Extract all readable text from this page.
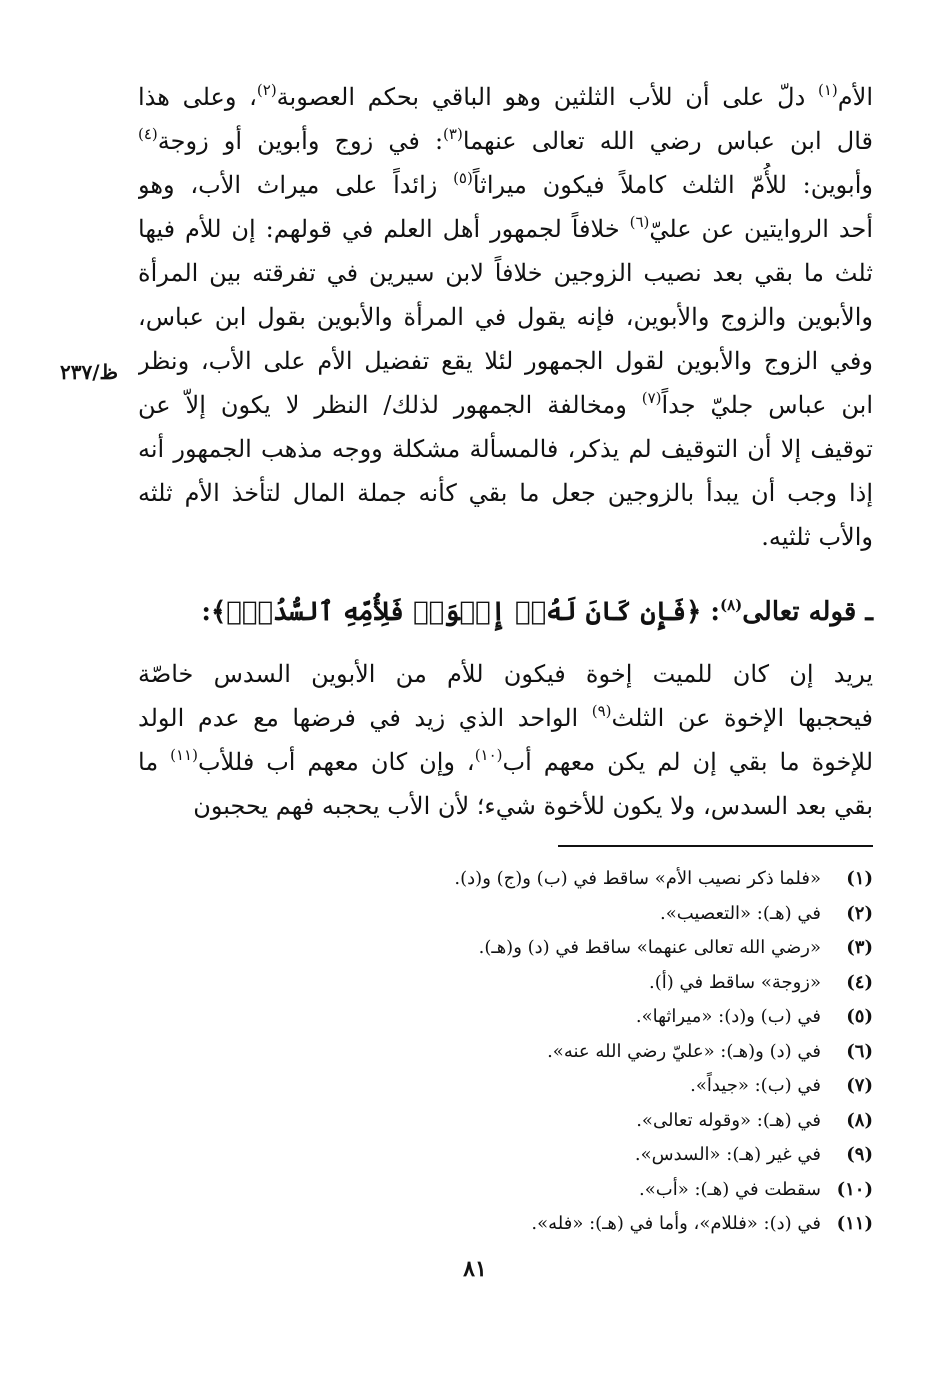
ظ/٢٣٧
الأم$^{(١)}$ دلّ على أن للأب الثلثين وهو الباقي بحكم العصوبة$^{(٢)}$، وعلى هذا
قال ابن عباس رضي الله تعالى عنهما$^{(٣)}$: في زوج وأبوين أو زوجة$^{(٤)}$
وأبوين: للأُمّ الثلث كاملاً فيكون ميراثاً$^{(٥)}$ زائداً على ميراث الأب، وهو
أحد الروايتين عن عليّ$^{(٦)}$ خلافاً لجمهور أهل العلم في قولهم: إن للأم فيها
ثلث ما بقي بعد نصيب الزوجين خلافاً لابن سيرين في تفرقته بين المرأة
والأبوين والزوج والأبوين، فإنه يقول في المرأة والأبوين بقول ابن عباس،
وفي الزوج والأبوين لقول الجمهور لئلا يقع تفضيل الأم على الأب، ونظر
ابن عباس جليّ جداً$^{(٧)}$ ومخالفة الجمهور لذلك/ النظر لا يكون إلاّ عن
توقيف إلا أن التوقيف لم يذكر، فالمسألة مشكلة ووجه مذهب الجمهور أنه
إذا وجب أن يبدأ بالزوجين جعل ما بقي كأنه جملة المال لتأخذ الأم ثلثه
والأب ثلثيه.
ـ قوله تعالى$^{(٨)}$: ﴿فَإِن كَانَ لَهُۥٓ إِخۡوَةٞ فَلِأُمِّهِ ٱلسُّدُسُۚ﴾:
يريد إن كان للميت إخوة فيكون للأم من الأبوين السدس خاصّة
فيحجبها الإخوة عن الثلث$^{(٩)}$ الواحد الذي زيد في فرضها مع عدم الولد
للإخوة ما بقي إن لم يكن معهم أب$^{(١٠)}$، وإن كان معهم أب فللأب$^{(١١)}$ ما
بقي بعد السدس، ولا يكون للأخوة شيء؛ لأن الأب يحجبه فهم يحجبون
(١)«فلما ذكر نصيب الأم» ساقط في (ب) و(ج) و(د).
(٢)في (هـ): «التعصيب».
(٣)«رضي الله تعالى عنهما» ساقط في (د) و(هـ).
(٤)«زوجة» ساقط في (أ).
(٥)في (ب) و(د): «ميراثها».
(٦)في (د) و(هـ): «عليّ رضي الله عنه».
(٧)في (ب): «جيداً».
(٨)في (هـ): «وقوله تعالى».
(٩)في غير (هـ): «السدس».
(١٠)سقطت في (هـ): «أب».
(١١)في (د): «فللام»، وأما في (هـ): «فله».
٨١
